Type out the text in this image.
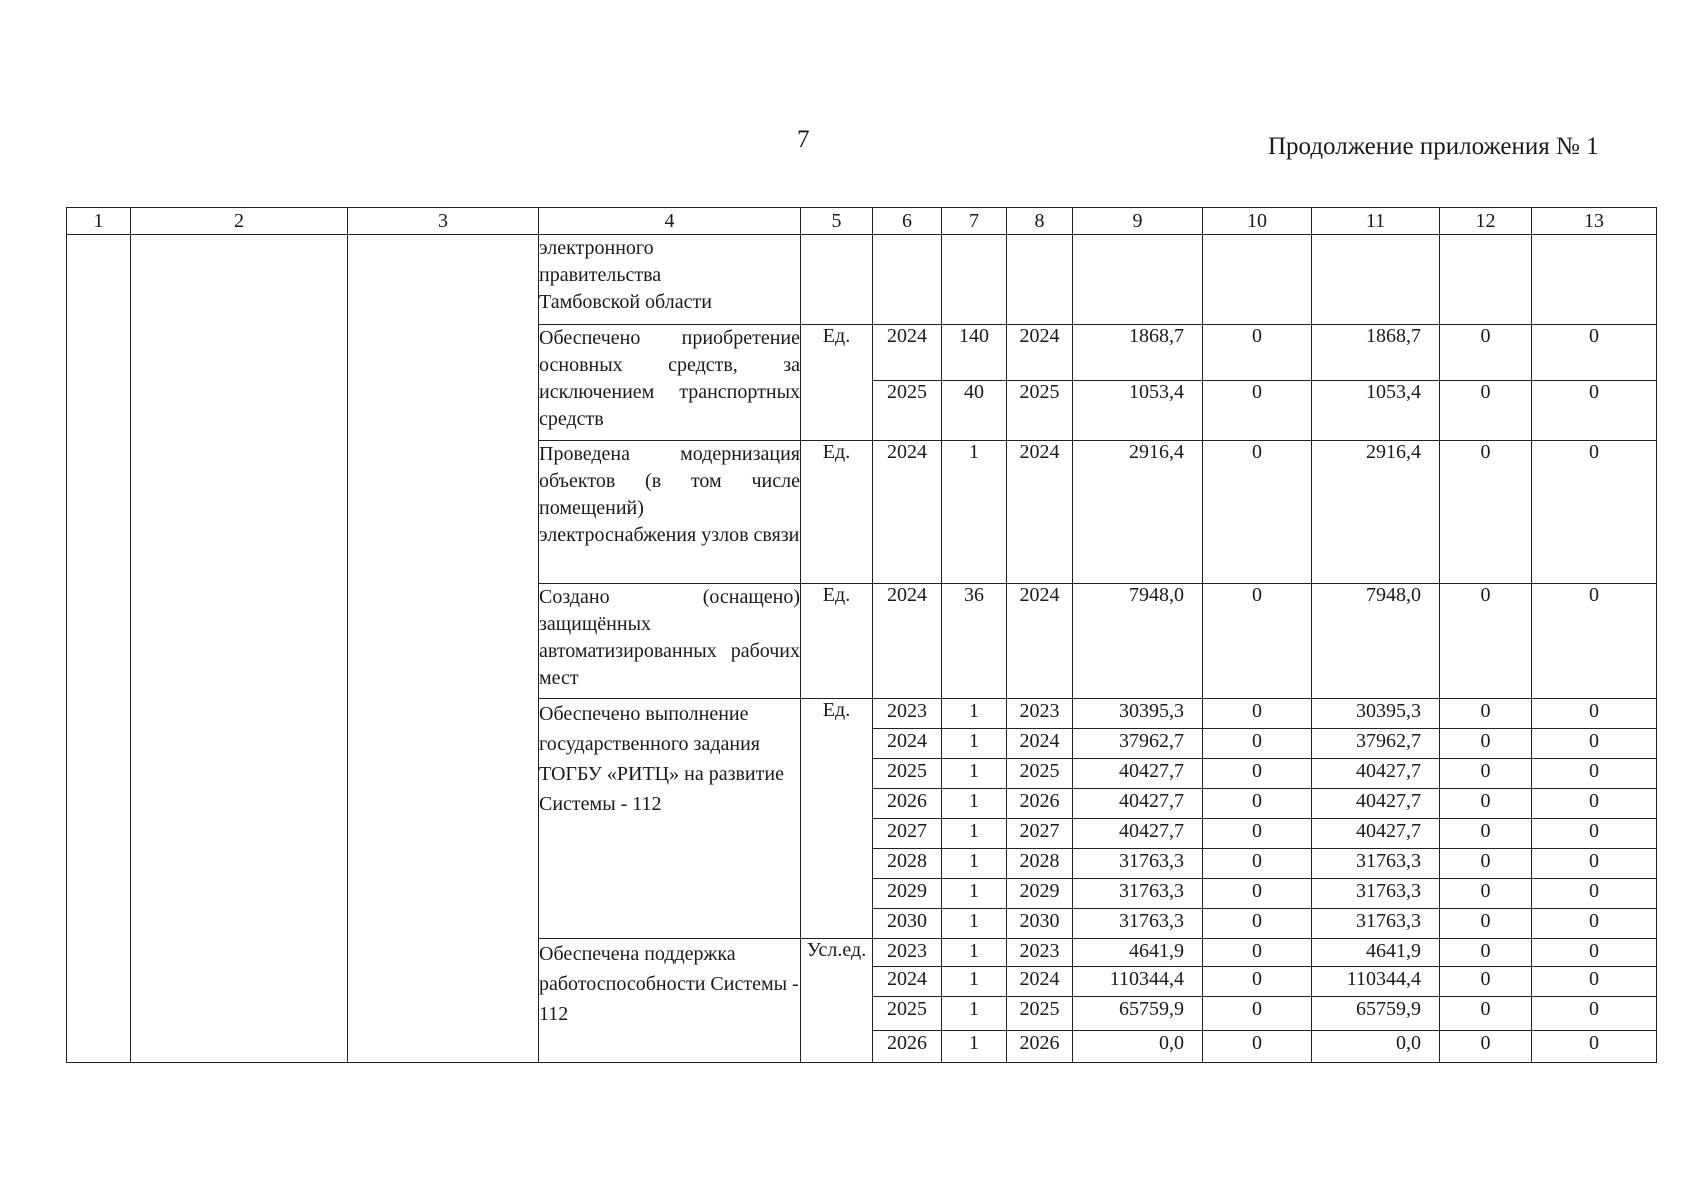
7	Продолжение приложения № 1
1	2	3	4	5	6	7	8	9	10	11	12	13
			электронного
правительства
Тамбовской области									
			Обеспечено приобретение основных средств, за исключением транспортных средств	Ед.	2024	140	2024	1868,7	0	1868,7	0	0
					2025	40	2025	1053,4	0	1053,4	0	0
			Проведена модернизация объектов (в том числе помещений) электроснабжения узлов связи	Ед.	2024	1	2024	2916,4	0	2916,4	0	0
			Создано (оснащено) защищённых автоматизированных рабочих мест	Ед.	2024	36	2024	7948,0	0	7948,0	0	0
			Обеспечено выполнение государственного задания ТОГБУ «РИТЦ» на развитие Системы - 112	Ед.	2023	1	2023	30395,3	0	30395,3	0	0
					2024	1	2024	37962,7	0	37962,7	0	0
					2025	1	2025	40427,7	0	40427,7	0	0
					2026	1	2026	40427,7	0	40427,7	0	0
					2027	1	2027	40427,7	0	40427,7	0	0
					2028	1	2028	31763,3	0	31763,3	0	0
					2029	1	2029	31763,3	0	31763,3	0	0
					2030	1	2030	31763,3	0	31763,3	0	0
			Обеспечена поддержка работоспособности Системы - 112	Усл.ед.	2023	1	2023	4641,9	0	4641,9	0	0
					2024	1	2024	110344,4	0	110344,4	0	0
					2025	1	2025	65759,9	0	65759,9	0	0
					2026	1	2026	0,0	0	0,0	0	0
